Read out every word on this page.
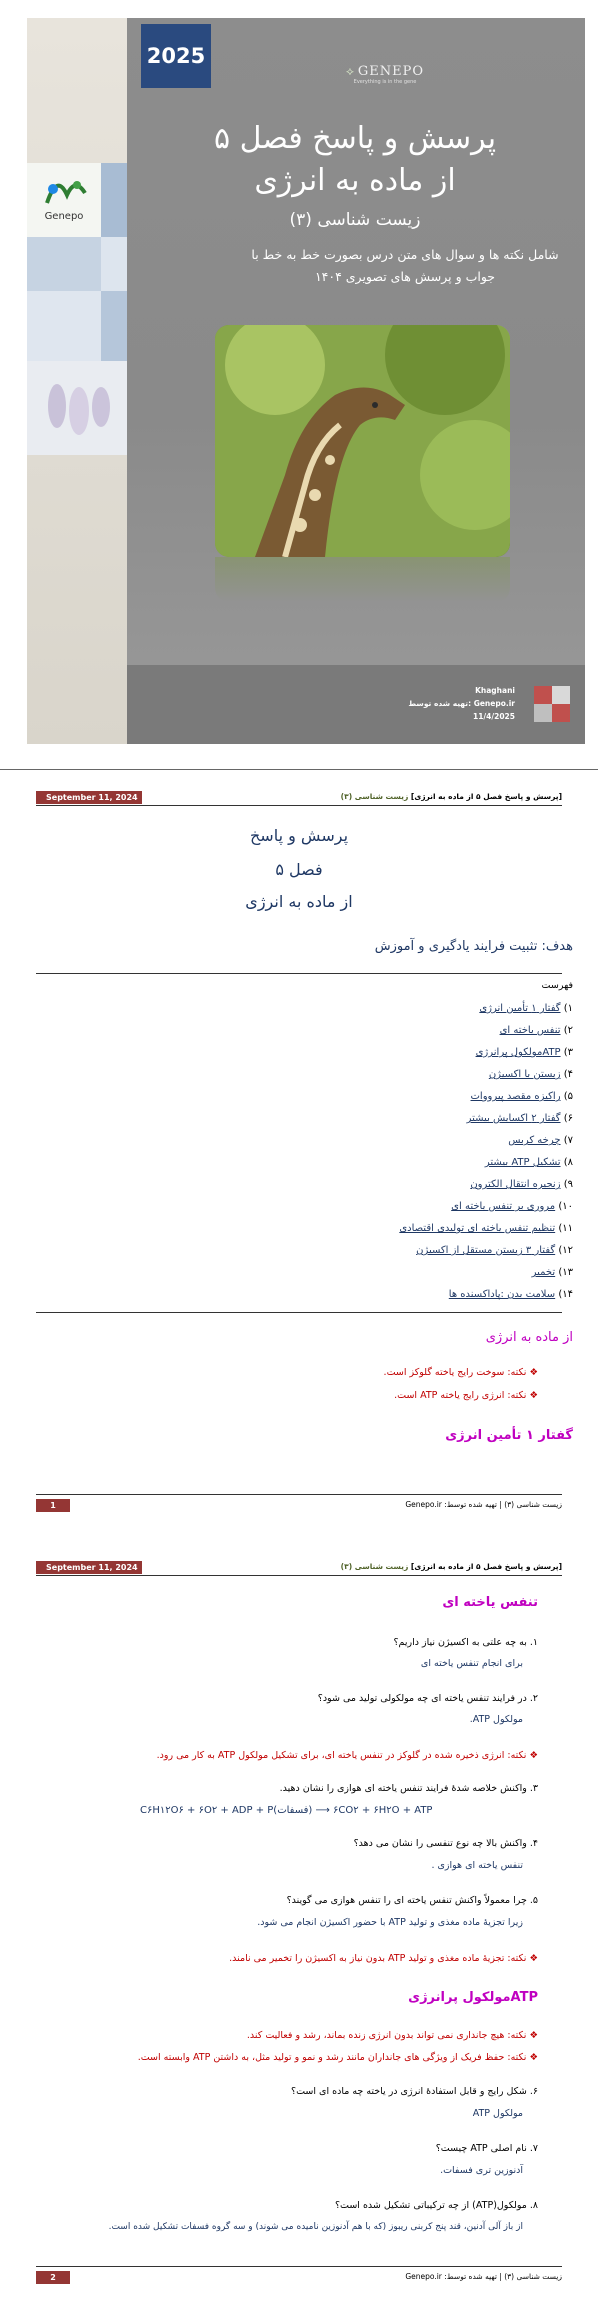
Genepo
2025
⟡ GENEPO
Everything is in the gene
پرسش و پاسخ فصل ۵
از ماده به انرژی
زیست شناسی (۳)
شامل نکته ها و سوال های متن درس بصورت خط به خط با جواب و پرسش های تصویری ۱۴۰۴
Khaghani
تهیه شده توسط: Genepo.ir
11/4/2025
September 11, 2024	[پرسش و پاسخ فصل ۵ از ماده به انرژی] زیست شناسی (۳)
پرسش و پاسخ
فصل ۵
از ماده به انرژی
هدف: تثبیت فرایند یادگیری و آموزش
فهرست
۱) گفتار ۱ تأمین انرژی
۲) تنفس یاخته ای
۳) ATPمولکول پرانرژی
۴) زیستن با اکسیژن
۵) راکیزه مقصد پیرووات
۶) گفتار ۲ اکسایش بیشتر
۷) چرخه کربس
۸) تشکیل ATP بیشتر
۹) زنجیره انتقال الکترون
۱۰) مروری بر تنفس یاخته ای
۱۱) تنظیم تنفس یاخته ای تولیدی اقتصادی
۱۲) گفتار ۳ زیستن مستقل از اکسیژن
۱۳) تخمیر
۱۴) سلامت بدن :پاداکسنده ها
از ماده به انرژی
❖ نکته: سوخت رایج یاخته گلوکز است.
❖ نکته: انرژی رایج یاخته ATP است.
گفتار ۱ تأمین انرژی
1	زیست شناسی (۳) | تهیه شده توسط: Genepo.ir
September 11, 2024	[پرسش و پاسخ فصل ۵ از ماده به انرژی] زیست شناسی (۳)
تنفس یاخته ای
۱. به چه علتی به اکسیژن نیاز داریم؟
برای انجام تنفس یاخته ای
۲. در فرایند تنفس یاخته ای چه مولکولی تولید می شود؟
مولکول ATP.
❖ نکته: انرژی ذخیره شده در گلوکز در تنفس یاخته ای، برای تشکیل مولکول ATP به کار می رود.
۳. واکنش خلاصه شدهٔ فرایند تنفس یاخته ای هوازی را نشان دهید.
C۶H۱۲O۶ + ۶O۲ + ADP + P(فسفات) ⟶ ۶CO۲ + ۶H۲O + ATP
۴. واکنش بالا چه نوع تنفسی را نشان می دهد؟
تنفس یاخته ای هوازی .
۵. چرا معمولاً واکنش تنفس یاخته ای را تنفس هوازی می گویند؟
زیرا تجزیهٔ ماده مغذی و تولید ATP با حضور اکسیژن انجام می شود.
❖ نکته: تجزیهٔ ماده مغذی و تولید ATP بدون نیاز به اکسیژن را تخمیر می نامند.
ATPمولکول پرانرژی
❖ نکته: هیچ جانداری نمی تواند بدون انرژی زنده بماند، رشد و فعالیت کند.
❖ نکته: حفظ فریک از ویژگی های جانداران مانند رشد و نمو و تولید مثل، به داشتن ATP وابسته است.
۶. شکل رایج و قابل استفادهٔ انرژی در یاخته چه ماده ای است؟
مولکول ATP
۷. نام اصلی ATP چیست؟
آدنوزین تری فسفات.
۸. مولکول(ATP) از چه ترکیباتی تشکیل شده است؟
از باز آلی آدنین، قند پنج کربنی ریبوز (که با هم آدنوزین نامیده می شوند) و سه گروه فسفات تشکیل شده است.
2	زیست شناسی (۳) | تهیه شده توسط: Genepo.ir
